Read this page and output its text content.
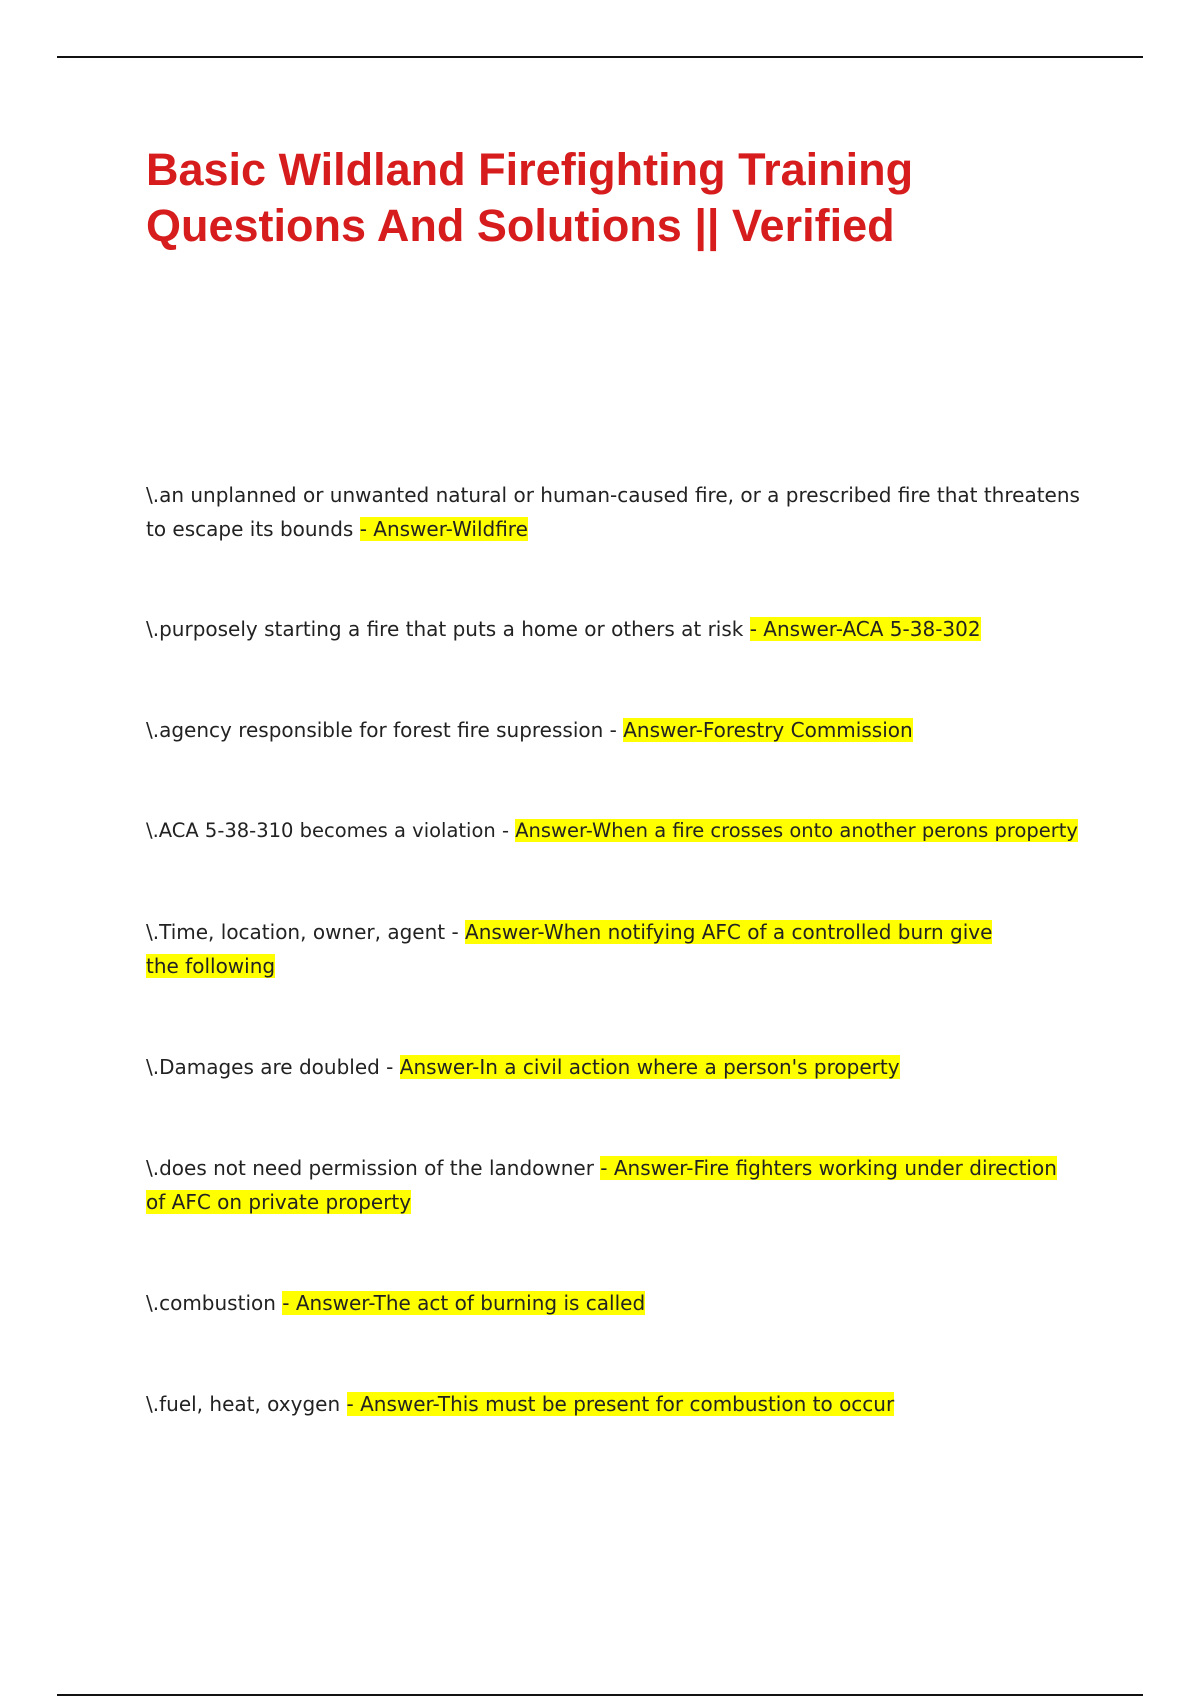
Basic Wildland Firefighting Training
Questions And Solutions || Verified

\.an unplanned or unwanted natural or human-caused fire, or a prescribed fire that threatens to escape its bounds - Answer-Wildfire

\.purposely starting a fire that puts a home or others at risk - Answer-ACA 5-38-302

\.agency responsible for forest fire supression - Answer-Forestry Commission

\.ACA 5-38-310 becomes a violation - Answer-When a fire crosses onto another perons property

\.Time, location, owner, agent - Answer-When notifying AFC of a controlled burn give the following

\.Damages are doubled - Answer-In a civil action where a person's property

\.does not need permission of the landowner - Answer-Fire fighters working under direction of AFC on private property

\.combustion - Answer-The act of burning is called

\.fuel, heat, oxygen - Answer-This must be present for combustion to occur
